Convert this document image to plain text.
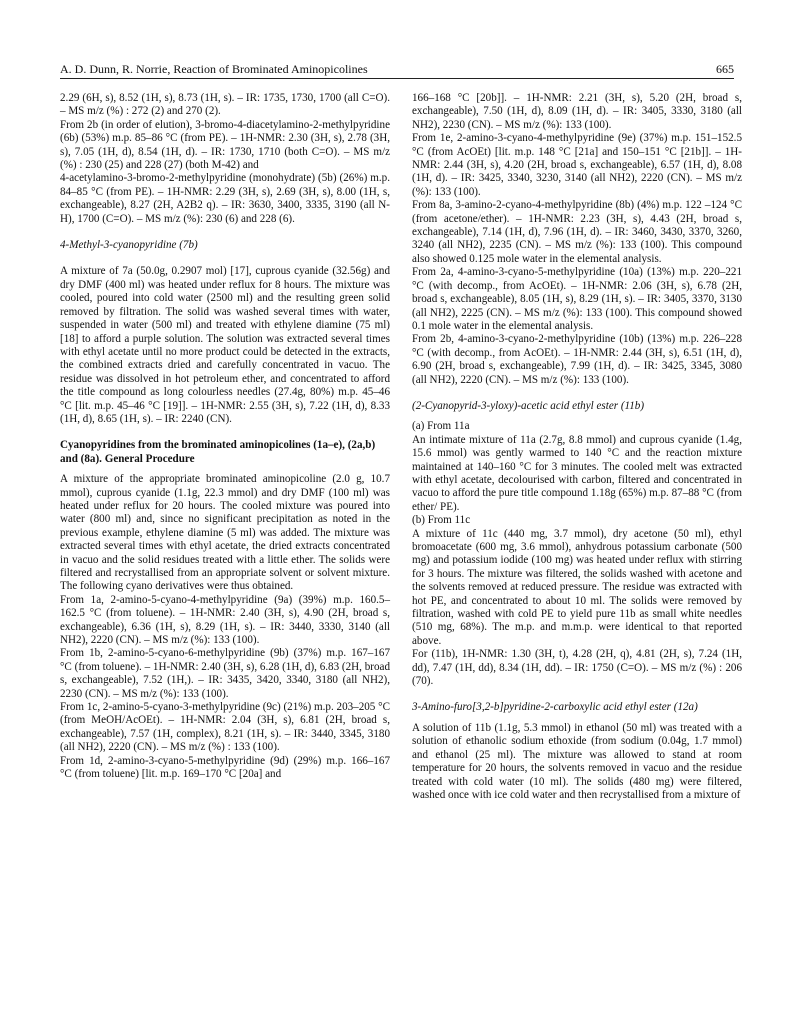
A. D. Dunn, R. Norrie, Reaction of Brominated Aminopicolines	665

2.29 (6H, s), 8.52 (1H, s), 8.73 (1H, s). – IR: 1735, 1730, 1700 (all C=O). – MS m/z (%) : 272 (2) and 270 (2).

From 2b (in order of elution), 3-bromo-4-diacetylamino-2-methylpyridine (6b) (53%) m.p. 85–86 °C (from PE). – 1H-NMR: 2.30 (3H, s), 2.78 (3H, s), 7.05 (1H, d), 8.54 (1H, d). – IR: 1730, 1710 (both C=O). – MS m/z (%) : 230 (25) and 228 (27) (both M-42) and

4-acetylamino-3-bromo-2-methylpyridine (monohydrate) (5b) (26%) m.p. 84–85 °C (from PE). – 1H-NMR: 2.29 (3H, s), 2.69 (3H, s), 8.00 (1H, s, exchangeable), 8.27 (2H, A2B2 q). – IR: 3630, 3400, 3335, 3190 (all N-H), 1700 (C=O). – MS m/z (%): 230 (6) and 228 (6).

4-Methyl-3-cyanopyridine (7b)

A mixture of 7a (50.0g, 0.2907 mol) [17], cuprous cyanide (32.56g) and dry DMF (400 ml) was heated under reflux for 8 hours. The mixture was cooled, poured into cold water (2500 ml) and the resulting green solid removed by filtration. The solid was washed several times with water, suspended in water (500 ml) and treated with ethylene diamine (75 ml) [18] to afford a purple solution. The solution was extracted several times with ethyl acetate until no more product could be detected in the extracts, the combined extracts dried and carefully concentrated in vacuo. The residue was dissolved in hot petroleum ether, and concentrated to afford the title compound as long colourless needles (27.4g, 80%) m.p. 45–46 °C [lit. m.p. 45–46 °C [19]]. – 1H-NMR: 2.55 (3H, s), 7.22 (1H, d), 8.33 (1H, d), 8.65 (1H, s). – IR: 2240 (CN).

Cyanopyridines from the brominated aminopicolines (1a–e), (2a,b) and (8a). General Procedure

A mixture of the appropriate brominated aminopicoline (2.0 g, 10.7 mmol), cuprous cyanide (1.1g, 22.3 mmol) and dry DMF (100 ml) was heated under reflux for 20 hours. The cooled mixture was poured into water (800 ml) and, since no significant precipitation as noted in the previous example, ethylene diamine (5 ml) was added. The mixture was extracted several times with ethyl acetate, the dried extracts concentrated in vacuo and the solid residues treated with a little ether. The solids were filtered and recrystallised from an appropriate solvent or solvent mixture. The following cyano derivatives were thus obtained.

From 1a, 2-amino-5-cyano-4-methylpyridine (9a) (39%) m.p. 160.5–162.5 °C (from toluene). – 1H-NMR: 2.40 (3H, s), 4.90 (2H, broad s, exchangeable), 6.36 (1H, s), 8.29 (1H, s). – IR: 3440, 3330, 3140 (all NH2), 2220 (CN). – MS m/z (%): 133 (100).

From 1b, 2-amino-5-cyano-6-methylpyridine (9b) (37%) m.p. 167–167 °C (from toluene). – 1H-NMR: 2.40 (3H, s), 6.28 (1H, d), 6.83 (2H, broad s, exchangeable), 7.52 (1H,). – IR: 3435, 3420, 3340, 3180 (all NH2), 2230 (CN). – MS m/z (%): 133 (100).

From 1c, 2-amino-5-cyano-3-methylpyridine (9c) (21%) m.p. 203–205 °C (from MeOH/AcOEt). – 1H-NMR: 2.04 (3H, s), 6.81 (2H, broad s, exchangeable), 7.57 (1H, complex), 8.21 (1H, s). – IR: 3440, 3345, 3180 (all NH2), 2220 (CN). – MS m/z (%) : 133 (100).

From 1d, 2-amino-3-cyano-5-methylpyridine (9d) (29%) m.p. 166–167 °C (from toluene) [lit. m.p. 169–170 °C [20a] and

166–168 °C [20b]]. – 1H-NMR: 2.21 (3H, s), 5.20 (2H, broad s, exchangeable), 7.50 (1H, d), 8.09 (1H, d). – IR: 3405, 3330, 3180 (all NH2), 2230 (CN). – MS m/z (%): 133 (100).

From 1e, 2-amino-3-cyano-4-methylpyridine (9e) (37%) m.p. 151–152.5 °C (from AcOEt) [lit. m.p. 148 °C [21a] and 150–151 °C [21b]]. – 1H-NMR: 2.44 (3H, s), 4.20 (2H, broad s, exchangeable), 6.57 (1H, d), 8.08 (1H, d). – IR: 3425, 3340, 3230, 3140 (all NH2), 2220 (CN). – MS m/z (%): 133 (100).

From 8a, 3-amino-2-cyano-4-methylpyridine (8b) (4%) m.p. 122 –124 °C (from acetone/ether). – 1H-NMR: 2.23 (3H, s), 4.43 (2H, broad s, exchangeable), 7.14 (1H, d), 7.96 (1H, d). – IR: 3460, 3430, 3370, 3260, 3240 (all NH2), 2235 (CN). – MS m/z (%): 133 (100). This compound also showed 0.125 mole water in the elemental analysis.

From 2a, 4-amino-3-cyano-5-methylpyridine (10a) (13%) m.p. 220–221 °C (with decomp., from AcOEt). – 1H-NMR: 2.06 (3H, s), 6.78 (2H, broad s, exchangeable), 8.05 (1H, s), 8.29 (1H, s). – IR: 3405, 3370, 3130 (all NH2), 2225 (CN). – MS m/z (%): 133 (100). This compound showed 0.1 mole water in the elemental analysis.

From 2b, 4-amino-3-cyano-2-methylpyridine (10b) (13%) m.p. 226–228 °C (with decomp., from AcOEt). – 1H-NMR: 2.44 (3H, s), 6.51 (1H, d), 6.90 (2H, broad s, exchangeable), 7.99 (1H, d). – IR: 3425, 3345, 3080 (all NH2), 2220 (CN). – MS m/z (%): 133 (100).

(2-Cyanopyrid-3-yloxy)-acetic acid ethyl ester (11b)

(a) From 11a

An intimate mixture of 11a (2.7g, 8.8 mmol) and cuprous cyanide (1.4g, 15.6 mmol) was gently warmed to 140 °C and the reaction mixture maintained at 140–160 °C for 3 minutes. The cooled melt was extracted with ethyl acetate, decolourised with carbon, filtered and concentrated in vacuo to afford the pure title compound 1.18g (65%) m.p. 87–88 °C (from ether/ PE).

(b) From 11c

A mixture of 11c (440 mg, 3.7 mmol), dry acetone (50 ml), ethyl bromoacetate (600 mg, 3.6 mmol), anhydrous potassium carbonate (500 mg) and potassium iodide (100 mg) was heated under reflux with stirring for 3 hours. The mixture was filtered, the solids washed with acetone and the solvents removed at reduced pressure. The residue was extracted with hot PE, and concentrated to about 10 ml. The solids were removed by filtration, washed with cold PE to yield pure 11b as small white needles (510 mg, 68%). The m.p. and m.m.p. were identical to that reported above.

For (11b), 1H-NMR: 1.30 (3H, t), 4.28 (2H, q), 4.81 (2H, s), 7.24 (1H, dd), 7.47 (1H, dd), 8.34 (1H, dd). – IR: 1750 (C=O). – MS m/z (%) : 206 (70).

3-Amino-furo[3,2-b]pyridine-2-carboxylic acid ethyl ester (12a)

A solution of 11b (1.1g, 5.3 mmol) in ethanol (50 ml) was treated with a solution of ethanolic sodium ethoxide (from sodium (0.04g, 1.7 mmol) and ethanol (25 ml). The mixture was allowed to stand at room temperature for 20 hours, the solvents removed in vacuo and the residue treated with cold water (10 ml). The solids (480 mg) were filtered, washed once with ice cold water and then recrystallised from a mixture of
